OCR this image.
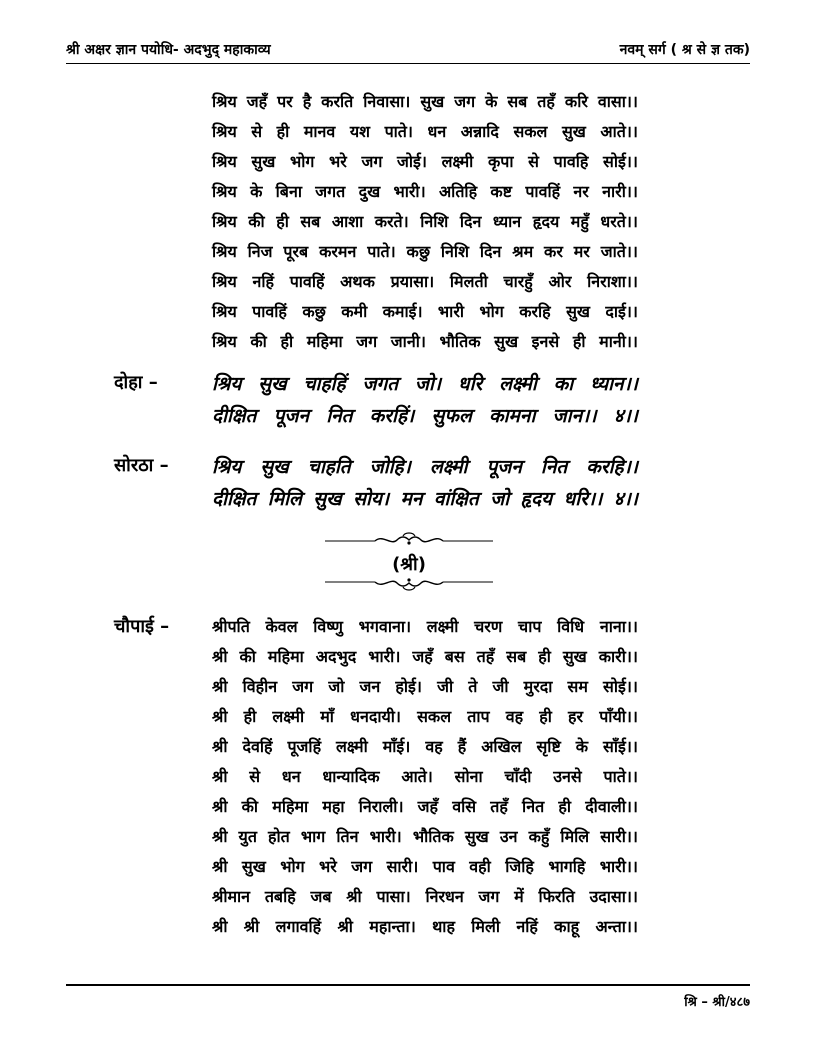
श्री अक्षर ज्ञान पयोधि- अदभुद् महाकाव्य	नवम् सर्ग ( श्र से ज्ञ तक)
श्रिय जहँ पर है करति निवासा। सुख जग के सब तहँ करि वासा।।
श्रिय से ही मानव यश पाते। धन अन्नादि सकल सुख आते।।
श्रिय सुख भोग भरे जग जोई। लक्ष्मी कृपा से पावहि सोई।।
श्रिय के बिना जगत दुख भारी। अतिहि कष्ट पावहिं नर नारी।।
श्रिय की ही सब आशा करते। निशि दिन ध्यान हृदय महुँ धरते।।
श्रिय निज पूरब करमन पाते। कछु निशि दिन श्रम कर मर जाते।।
श्रिय नहिं पावहिं अथक प्रयासा। मिलती चारहुँ ओर निराशा।।
श्रिय पावहिं कछु कमी कमाई। भारी भोग करहि सुख दाई।।
श्रिय की ही महिमा जग जानी। भौतिक सुख इनसे ही मानी।।
दोहा –	श्रिय सुख चाहहिं जगत जो। धरि लक्ष्मी का ध्यान।।
दीक्षित पूजन नित करहिं। सुफल कामना जान।। ४।।
सोरठा – श्रिय सुख चाहति जोहि। लक्ष्मी पूजन नित करहि।।
दीक्षित मिलि सुख सोय। मन वांक्षित जो हृदय धरि।। ४।।
(श्री)
चौपाई –	श्रीपति केवल विष्णु भगवाना। लक्ष्मी चरण चाप विधि नाना।।
श्री की महिमा अदभुद भारी। जहँ बस तहँ सब ही सुख कारी।।
श्री विहीन जग जो जन होई। जी ते जी मुरदा सम सोई।।
श्री ही लक्ष्मी माँ धनदायी। सकल ताप वह ही हर पाँयी।।
श्री देवहिं पूजहिं लक्ष्मी माँई। वह हैं अखिल सृष्टि के साँई।।
श्री से धन धान्यादिक आते। सोना चाँदी उनसे पाते।।
श्री की महिमा महा निराली। जहँ वसि तहँ नित ही दीवाली।।
श्री युत होत भाग तिन भारी। भौतिक सुख उन कहुँ मिलि सारी।।
श्री सुख भोग भरे जग सारी। पाव वही जिहि भागहि भारी।।
श्रीमान तबहि जब श्री पासा। निरधन जग में फिरति उदासा।।
श्री श्री लगावहिं श्री महान्ता। थाह मिली नहिं काहू अन्ता।।
श्रि – श्री/४८७
